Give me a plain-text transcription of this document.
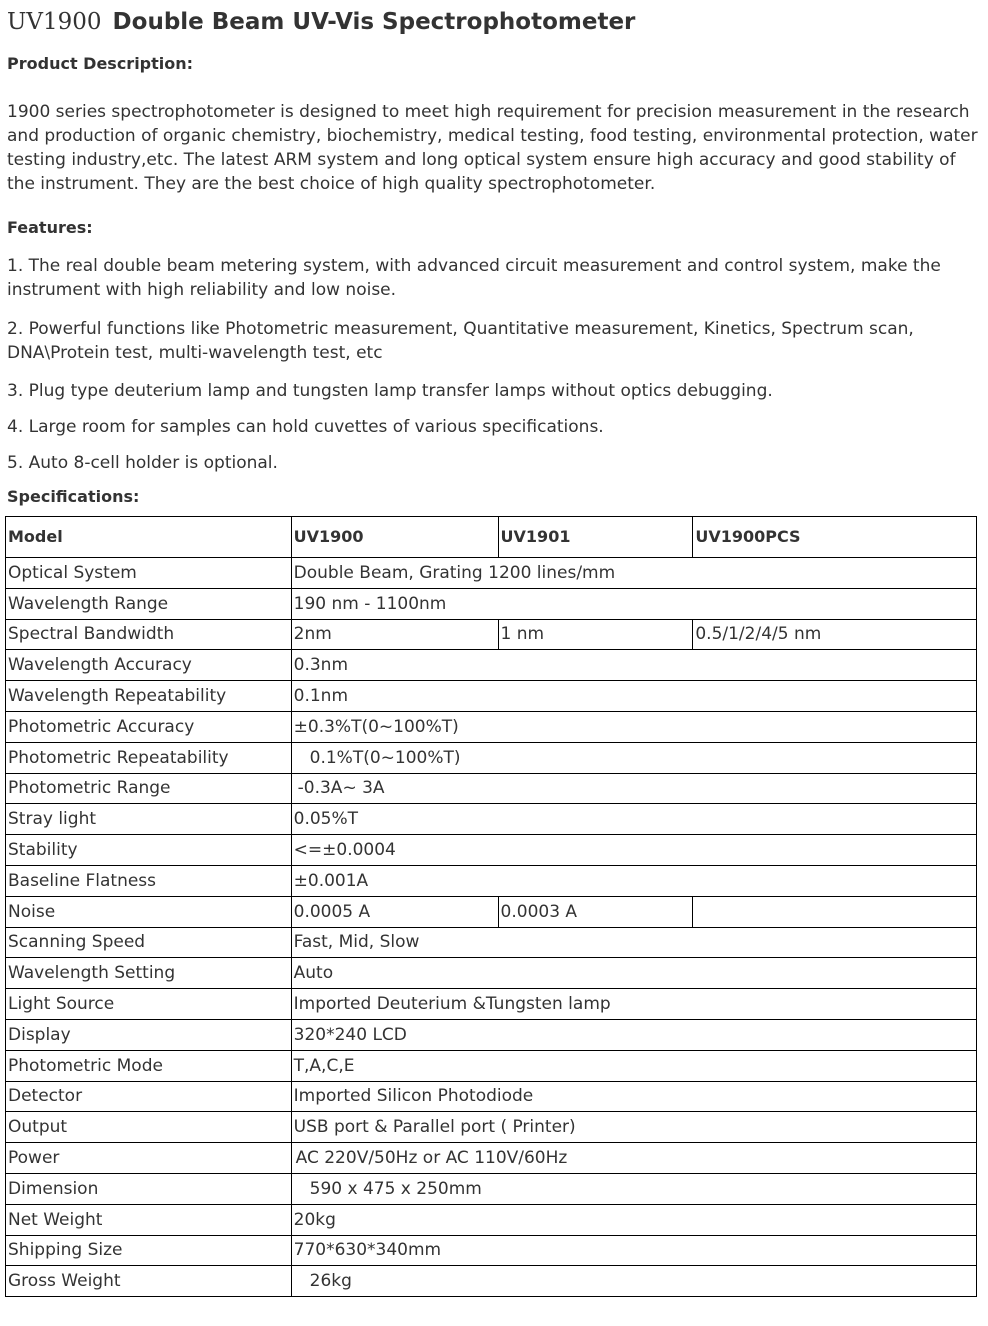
UV1900 Double Beam UV-Vis Spectrophotometer
Product Description:
1900 series spectrophotometer is designed to meet high requirement for precision measurement in the research and production of organic chemistry, biochemistry, medical testing, food testing, environmental protection, water testing industry,etc. The latest ARM system and long optical system ensure high accuracy and good stability of the instrument. They are the best choice of high quality spectrophotometer.
Features:
1. The real double beam metering system, with advanced circuit measurement and control system, make the instrument with high reliability and low noise.
2. Powerful functions like Photometric measurement, Quantitative measurement, Kinetics, Spectrum scan, DNA\Protein test, multi-wavelength test, etc
3. Plug type deuterium lamp and tungsten lamp transfer lamps without optics debugging.
4. Large room for samples can hold cuvettes of various specifications.
5. Auto 8-cell holder is optional.
Specifications:
Model	UV1900	UV1901	UV1900PCS
Optical System	Double Beam, Grating 1200 lines/mm		
Wavelength Range	190 nm - 1100nm		
Spectral Bandwidth	2nm	1 nm	0.5/1/2/4/5 nm
Wavelength Accuracy	0.3nm		
Wavelength Repeatability	0.1nm		
Photometric Accuracy	±0.3%T(0~100%T)		
Photometric Repeatability	0.1%T(0~100%T)		
Photometric Range	-0.3A~ 3A		
Stray light	0.05%T		
Stability	<=±0.0004		
Baseline Flatness	±0.001A		
Noise	0.0005 A	0.0003 A	
Scanning Speed	Fast, Mid, Slow		
Wavelength Setting	Auto		
Light Source	Imported Deuterium &Tungsten lamp		
Display	320*240 LCD		
Photometric Mode	T,A,C,E		
Detector	Imported Silicon Photodiode		
Output	USB port & Parallel port ( Printer)		
Power	AC 220V/50Hz or AC 110V/60Hz		
Dimension	590 x 475 x 250mm		
Net Weight	20kg		
Shipping Size	770*630*340mm		
Gross Weight	26kg		
